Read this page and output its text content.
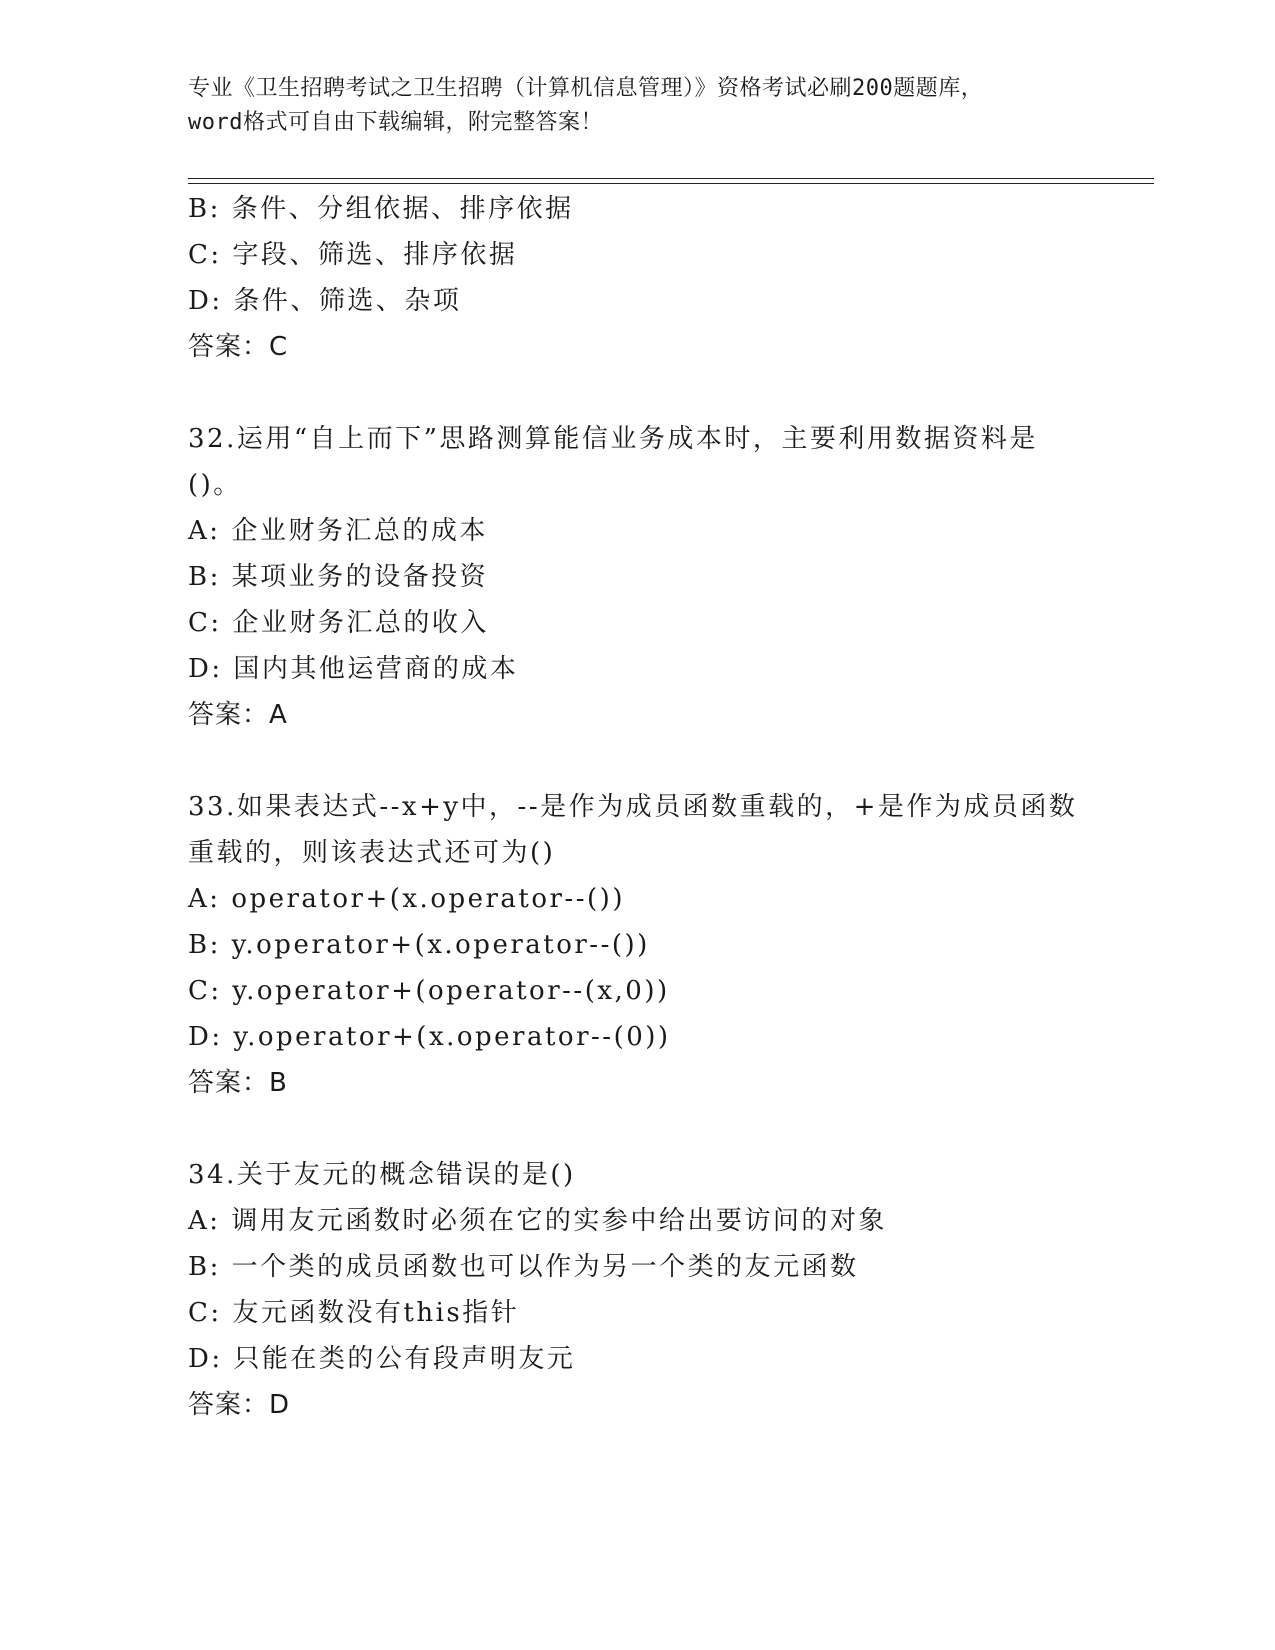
专业《卫生招聘考试之卫生招聘（计算机信息管理）》资格考试必刷200题题库，
word格式可自由下载编辑，附完整答案！
B: 条件、分组依据、排序依据
C: 字段、筛选、排序依据
D: 条件、筛选、杂项
答案：C
32.运用“自上而下”思路测算能信业务成本时，主要利用数据资料是
()。
A: 企业财务汇总的成本
B: 某项业务的设备投资
C: 企业财务汇总的收入
D: 国内其他运营商的成本
答案：A
33.如果表达式--x+y中，--是作为成员函数重载的，+是作为成员函数
重载的，则该表达式还可为()
A: operator+(x.operator--())
B: y.operator+(x.operator--())
C: y.operator+(operator--(x,0))
D: y.operator+(x.operator--(0))
答案：B
34.关于友元的概念错误的是()
A: 调用友元函数时必须在它的实参中给出要访问的对象
B: 一个类的成员函数也可以作为另一个类的友元函数
C: 友元函数没有this指针
D: 只能在类的公有段声明友元
答案：D
